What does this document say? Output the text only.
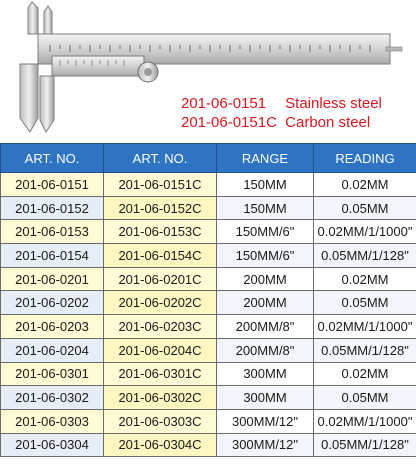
201-06-0151 Stainless steel
201-06-0151C Carbon steel
ART. NO.	ART. NO.	RANGE	READING
201-06-0151	201-06-0151C	150MM	0.02MM
201-06-0152	201-06-0152C	150MM	0.05MM
201-06-0153	201-06-0153C	150MM/6"	0.02MM/1/1000"
201-06-0154	201-06-0154C	150MM/6"	0.05MM/1/128"
201-06-0201	201-06-0201C	200MM	0.02MM
201-06-0202	201-06-0202C	200MM	0.05MM
201-06-0203	201-06-0203C	200MM/8"	0.02MM/1/1000"
201-06-0204	201-06-0204C	200MM/8"	0.05MM/1/128"
201-06-0301	201-06-0301C	300MM	0.02MM
201-06-0302	201-06-0302C	300MM	0.05MM
201-06-0303	201-06-0303C	300MM/12"	0.02MM/1/1000"
201-06-0304	201-06-0304C	300MM/12"	0.05MM/1/128"
